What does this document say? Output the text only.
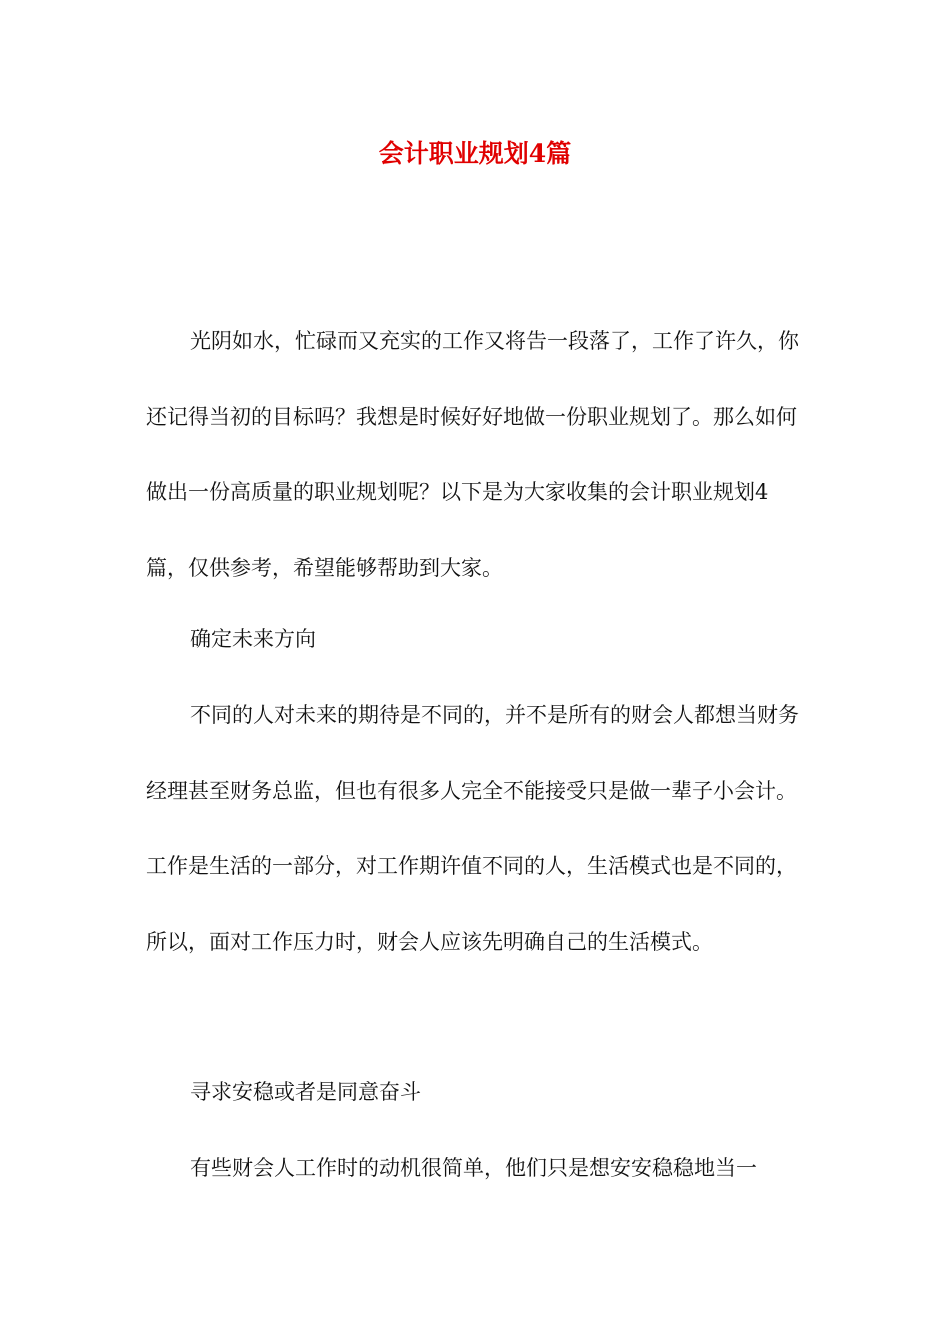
会计职业规划4篇

光阴如水，忙碌而又充实的工作又将告一段落了，工作了许久，你还记得当初的目标吗？我想是时候好好地做一份职业规划了。那么如何做出一份高质量的职业规划呢？以下是为大家收集的会计职业规划4篇，仅供参考，希望能够帮助到大家。

确定未来方向

不同的人对未来的期待是不同的，并不是所有的财会人都想当财务经理甚至财务总监，但也有很多人完全不能接受只是做一辈子小会计。工作是生活的一部分，对工作期许值不同的人，生活模式也是不同的，所以，面对工作压力时，财会人应该先明确自己的生活模式。

寻求安稳或者是同意奋斗

有些财会人工作时的动机很简单，他们只是想安安稳稳地当一
